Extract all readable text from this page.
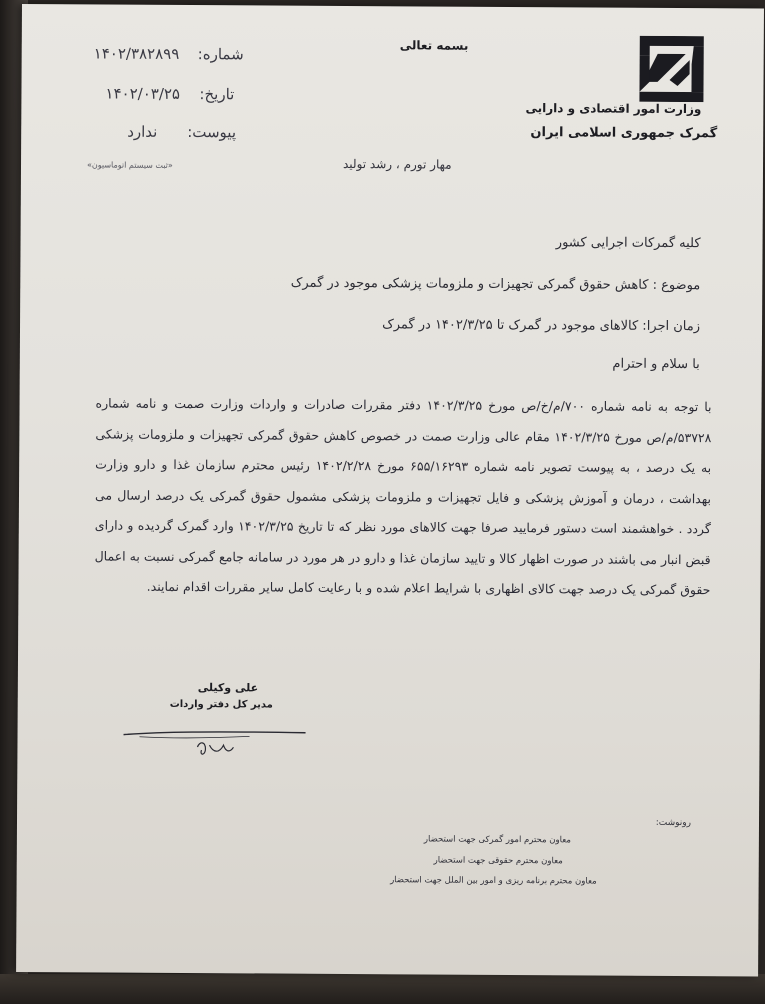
بسمه تعالی
وزارت امور اقتصادی و دارایی
گمرک جمهوری اسلامی ایران
شماره:
۱۴۰۲/۳۸۲۸۹۹
تاریخ:
۱۴۰۲/۰۳/۲۵
پیوست:
ندارد
«ثبت سیستم اتوماسیون»	مهار تورم ، رشد تولید
کلیه گمرکات اجرایی کشور
موضوع : کاهش حقوق گمرکی تجهیزات و ملزومات پزشکی موجود در گمرک
زمان اجرا: کالاهای موجود در گمرک تا ۱۴۰۲/۳/۲۵ در گمرک
با سلام و احترام
با توجه به نامه شماره ۷۰۰/م/خ/ص مورخ ۱۴۰۲/۳/۲۵ دفتر مقررات صادرات و واردات وزارت صمت و نامه شماره ۵۳۷۲۸/م/ص مورخ ۱۴۰۲/۳/۲۵ مقام عالی وزارت صمت در خصوص کاهش حقوق گمرکی تجهیزات و ملزومات پزشکی به یک درصد ، به پیوست تصویر نامه شماره ۶۵۵/۱۶۲۹۳ مورخ ۱۴۰۲/۲/۲۸ رئیس محترم سازمان غذا و دارو وزارت بهداشت ، درمان و آموزش پزشکی و فایل تجهیزات و ملزومات پزشکی مشمول حقوق گمرکی یک درصد ارسال می گردد . خواهشمند است دستور فرمایید صرفا جهت کالاهای مورد نظر که تا تاریخ ۱۴۰۲/۳/۲۵ وارد گمرک گردیده و دارای قبض انبار می باشند در صورت اظهار کالا و تایید سازمان غذا و دارو در هر مورد در سامانه جامع گمرکی نسبت به اعمال حقوق گمرکی یک درصد جهت کالای اظهاری با شرایط اعلام شده و با رعایت کامل سایر مقررات اقدام نمایند.
علی وکیلی
مدیر کل دفتر واردات
رونوشت:
معاون محترم امور گمرکی جهت استحضار
معاون محترم حقوقی جهت استحضار
معاون محترم برنامه ریزی و امور بین الملل جهت استحضار
